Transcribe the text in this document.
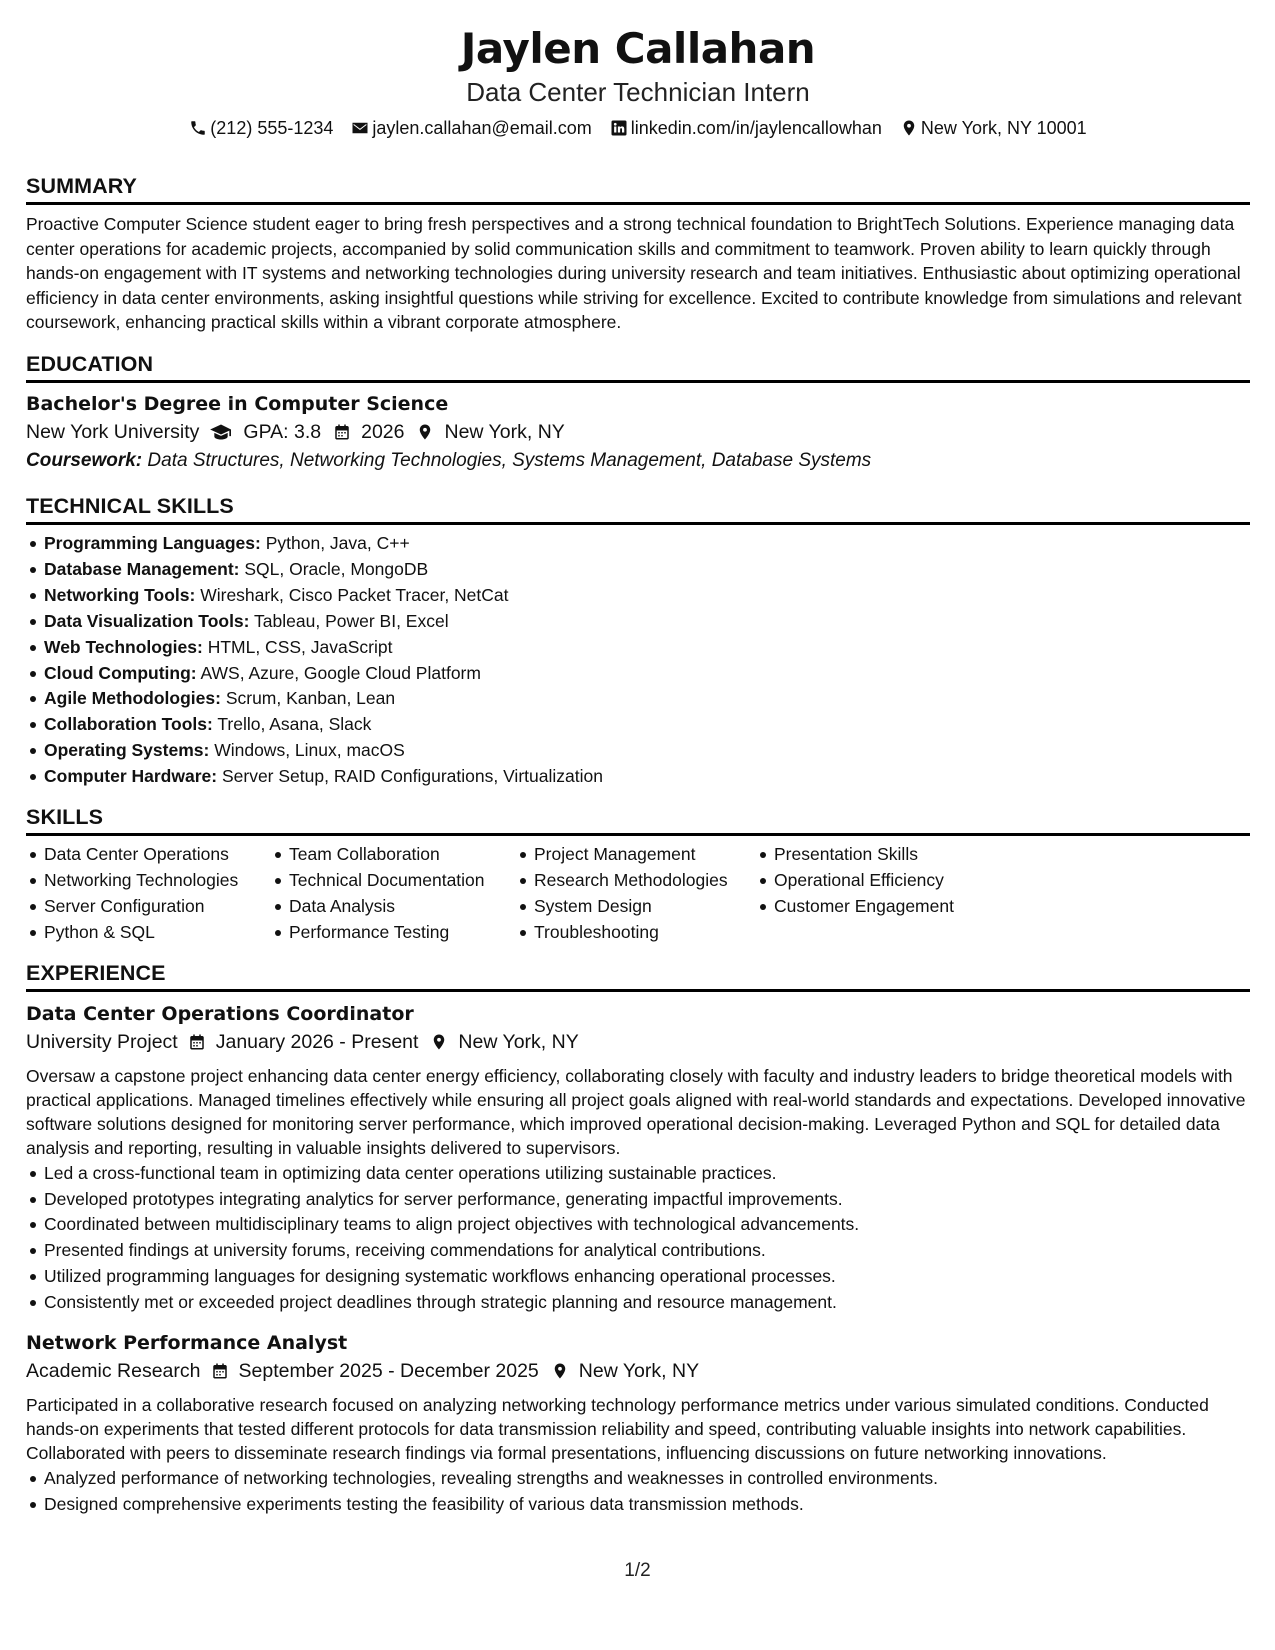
Jaylen Callahan
Data Center Technician Intern
(212) 555-1234 jaylen.callahan@email.com linkedin.com/in/jaylencallowhan New York, NY 10001
SUMMARY
Proactive Computer Science student eager to bring fresh perspectives and a strong technical foundation to BrightTech Solutions. Experience managing data center operations for academic projects, accompanied by solid communication skills and commitment to teamwork. Proven ability to learn quickly through hands-on engagement with IT systems and networking technologies during university research and team initiatives. Enthusiastic about optimizing operational efficiency in data center environments, asking insightful questions while striving for excellence. Excited to contribute knowledge from simulations and relevant coursework, enhancing practical skills within a vibrant corporate atmosphere.
EDUCATION
Bachelor's Degree in Computer Science
New York University GPA: 3.8 2026 New York, NY
Coursework: Data Structures, Networking Technologies, Systems Management, Database Systems
TECHNICAL SKILLS
Programming Languages: Python, Java, C++
Database Management: SQL, Oracle, MongoDB
Networking Tools: Wireshark, Cisco Packet Tracer, NetCat
Data Visualization Tools: Tableau, Power BI, Excel
Web Technologies: HTML, CSS, JavaScript
Cloud Computing: AWS, Azure, Google Cloud Platform
Agile Methodologies: Scrum, Kanban, Lean
Collaboration Tools: Trello, Asana, Slack
Operating Systems: Windows, Linux, macOS
Computer Hardware: Server Setup, RAID Configurations, Virtualization
SKILLS
Data Center Operations
Networking Technologies
Server Configuration
Python & SQL
Team Collaboration
Technical Documentation
Data Analysis
Performance Testing
Project Management
Research Methodologies
System Design
Troubleshooting
Presentation Skills
Operational Efficiency
Customer Engagement
EXPERIENCE
Data Center Operations Coordinator
University Project January 2026 - Present New York, NY
Oversaw a capstone project enhancing data center energy efficiency, collaborating closely with faculty and industry leaders to bridge theoretical models with practical applications. Managed timelines effectively while ensuring all project goals aligned with real-world standards and expectations. Developed innovative software solutions designed for monitoring server performance, which improved operational decision-making. Leveraged Python and SQL for detailed data analysis and reporting, resulting in valuable insights delivered to supervisors.
Led a cross-functional team in optimizing data center operations utilizing sustainable practices.
Developed prototypes integrating analytics for server performance, generating impactful improvements.
Coordinated between multidisciplinary teams to align project objectives with technological advancements.
Presented findings at university forums, receiving commendations for analytical contributions.
Utilized programming languages for designing systematic workflows enhancing operational processes.
Consistently met or exceeded project deadlines through strategic planning and resource management.
Network Performance Analyst
Academic Research September 2025 - December 2025 New York, NY
Participated in a collaborative research focused on analyzing networking technology performance metrics under various simulated conditions. Conducted hands-on experiments that tested different protocols for data transmission reliability and speed, contributing valuable insights into network capabilities. Collaborated with peers to disseminate research findings via formal presentations, influencing discussions on future networking innovations.
Analyzed performance of networking technologies, revealing strengths and weaknesses in controlled environments.
Designed comprehensive experiments testing the feasibility of various data transmission methods.
1/2
